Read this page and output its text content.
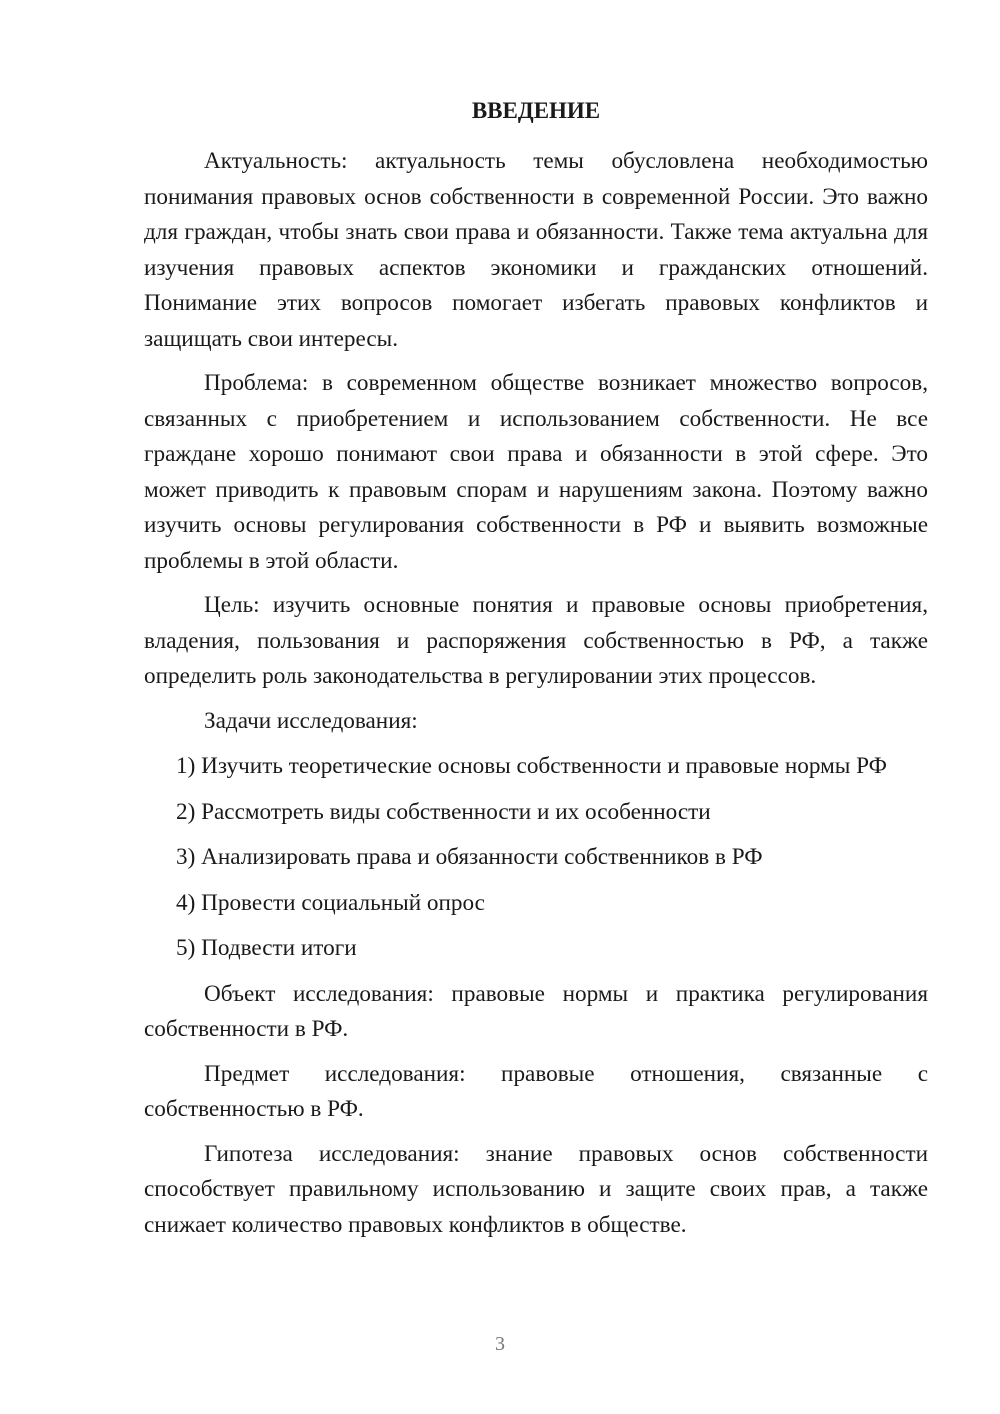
ВВЕДЕНИЕ

Актуальность: актуальность темы обусловлена необходимостью понимания правовых основ собственности в современной России. Это важно для граждан, чтобы знать свои права и обязанности. Также тема актуальна для изучения правовых аспектов экономики и гражданских отношений. Понимание этих вопросов помогает избегать правовых конфликтов и защищать свои интересы.

Проблема: в современном обществе возникает множество вопросов, связанных с приобретением и использованием собственности. Не все граждане хорошо понимают свои права и обязанности в этой сфере. Это может приводить к правовым спорам и нарушениям закона. Поэтому важно изучить основы регулирования собственности в РФ и выявить возможные проблемы в этой области.

Цель: изучить основные понятия и правовые основы приобретения, владения, пользования и распоряжения собственностью в РФ, а также определить роль законодательства в регулировании этих процессов.

Задачи исследования:

1) Изучить теоретические основы собственности и правовые нормы РФ

2) Рассмотреть виды собственности и их особенности

3) Анализировать права и обязанности собственников в РФ

4) Провести социальный опрос

5) Подвести итоги

Объект исследования: правовые нормы и практика регулирования собственности в РФ.

Предмет исследования: правовые отношения, связанные с собственностью в РФ.

Гипотеза исследования: знание правовых основ собственности способствует правильному использованию и защите своих прав, а также снижает количество правовых конфликтов в обществе.

3
